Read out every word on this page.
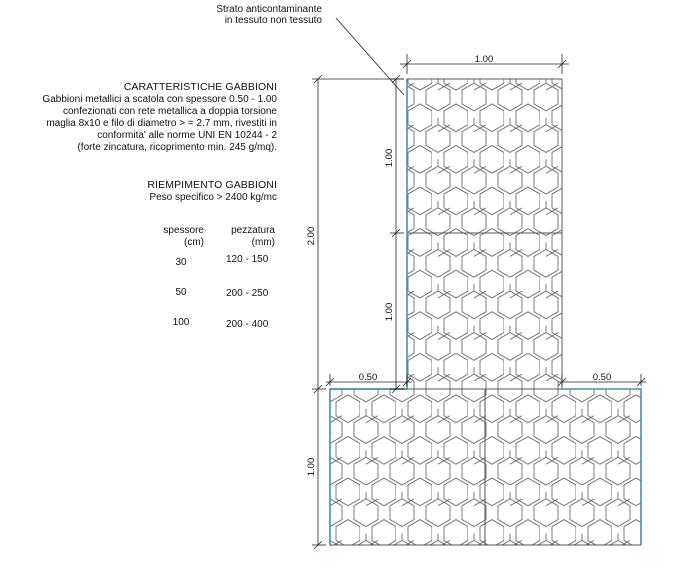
Strato anticontaminante
in tessuto non tessuto
CARATTERISTICHE GABBIONI
Gabbioni metallici a scatola con spessore 0.50 - 1.00
confezionati con rete metallica a doppia torsione
maglia 8x10 e filo di diametro > = 2.7 mm, rivestiti in
conformita' alle norme UNI EN 10244 - 2
(forte zincatura, ricoprimento min. 245 g/mq).
RIEMPIMENTO GABBIONI
Peso specifico > 2400 kg/mc
spessore
(cm)
pezzatura
(mm)
30	120 - 150
50	200 - 250
100	200 - 400
1.00
1.00
1.00
2.00
0.50	0.50
1.00
